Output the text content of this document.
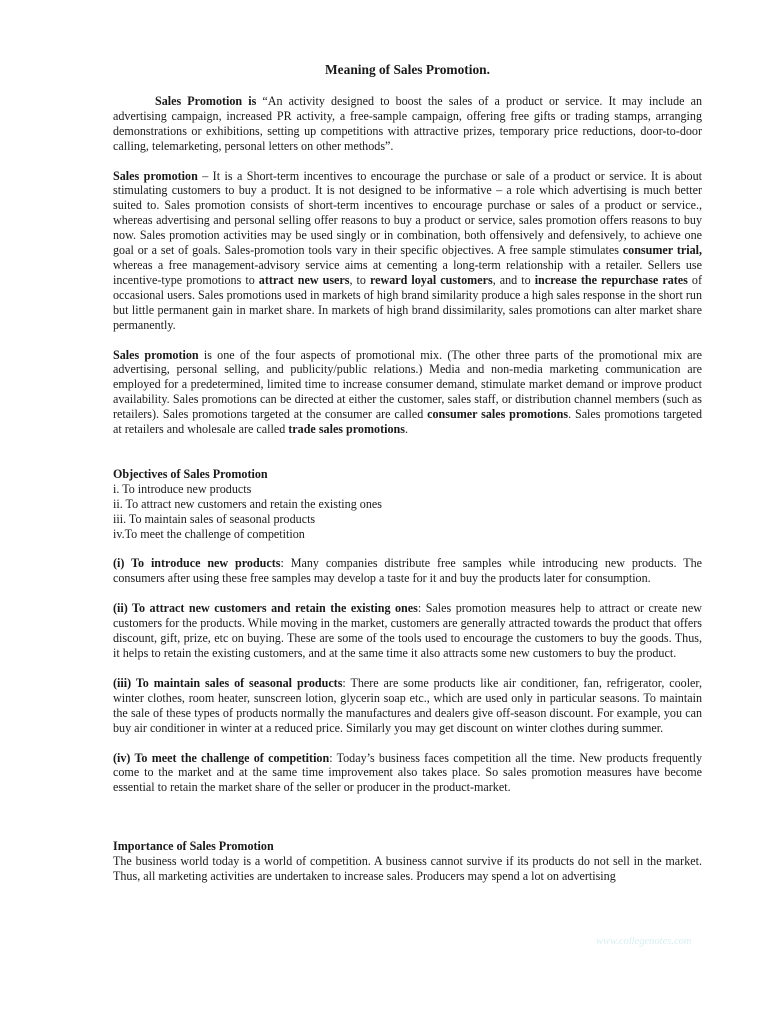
Meaning of Sales Promotion.

Sales Promotion is “An activity designed to boost the sales of a product or service. It may include an advertising campaign, increased PR activity, a free-sample campaign, offering free gifts or trading stamps, arranging demonstrations or exhibitions, setting up competitions with attractive prizes, temporary price reductions, door-to-door calling, telemarketing, personal letters on other methods”.

Sales promotion – It is a Short-term incentives to encourage the purchase or sale of a product or service. It is about stimulating customers to buy a product. It is not designed to be informative – a role which advertising is much better suited to. Sales promotion consists of short-term incentives to encourage purchase or sales of a product or service., whereas advertising and personal selling offer reasons to buy a product or service, sales promotion offers reasons to buy now. Sales promotion activities may be used singly or in combination, both offensively and defensively, to achieve one goal or a set of goals. Sales-promotion tools vary in their specific objectives. A free sample stimulates consumer trial, whereas a free management-advisory service aims at cementing a long-term relationship with a retailer. Sellers use incentive-type promotions to attract new users, to reward loyal customers, and to increase the repurchase rates of occasional users. Sales promotions used in markets of high brand similarity produce a high sales response in the short run but little permanent gain in market share. In markets of high brand dissimilarity, sales promotions can alter market share permanently.

Sales promotion is one of the four aspects of promotional mix. (The other three parts of the promotional mix are advertising, personal selling, and publicity/public relations.) Media and non-media marketing communication are employed for a predetermined, limited time to increase consumer demand, stimulate market demand or improve product availability. Sales promotions can be directed at either the customer, sales staff, or distribution channel members (such as retailers). Sales promotions targeted at the consumer are called consumer sales promotions. Sales promotions targeted at retailers and wholesale are called trade sales promotions.

Objectives of Sales Promotion

i. To introduce new products
ii. To attract new customers and retain the existing ones
iii. To maintain sales of seasonal products
iv.To meet the challenge of competition

(i) To introduce new products: Many companies distribute free samples while introducing new products. The consumers after using these free samples may develop a taste for it and buy the products later for consumption.

(ii) To attract new customers and retain the existing ones: Sales promotion measures help to attract or create new customers for the products. While moving in the market, customers are generally attracted towards the product that offers discount, gift, prize, etc on buying. These are some of the tools used to encourage the customers to buy the goods. Thus, it helps to retain the existing customers, and at the same time it also attracts some new customers to buy the product.

(iii) To maintain sales of seasonal products: There are some products like air conditioner, fan, refrigerator, cooler, winter clothes, room heater, sunscreen lotion, glycerin soap etc., which are used only in particular seasons. To maintain the sale of these types of products normally the manufactures and dealers give off-season discount. For example, you can buy air conditioner in winter at a reduced price. Similarly you may get discount on winter clothes during summer.

(iv) To meet the challenge of competition: Today’s business faces competition all the time. New products frequently come to the market and at the same time improvement also takes place. So sales promotion measures have become essential to retain the market share of the seller or producer in the product-market.

Importance of Sales Promotion

The business world today is a world of competition. A business cannot survive if its products do not sell in the market. Thus, all marketing activities are undertaken to increase sales. Producers may spend a lot on advertising

www.collegenotes.com
